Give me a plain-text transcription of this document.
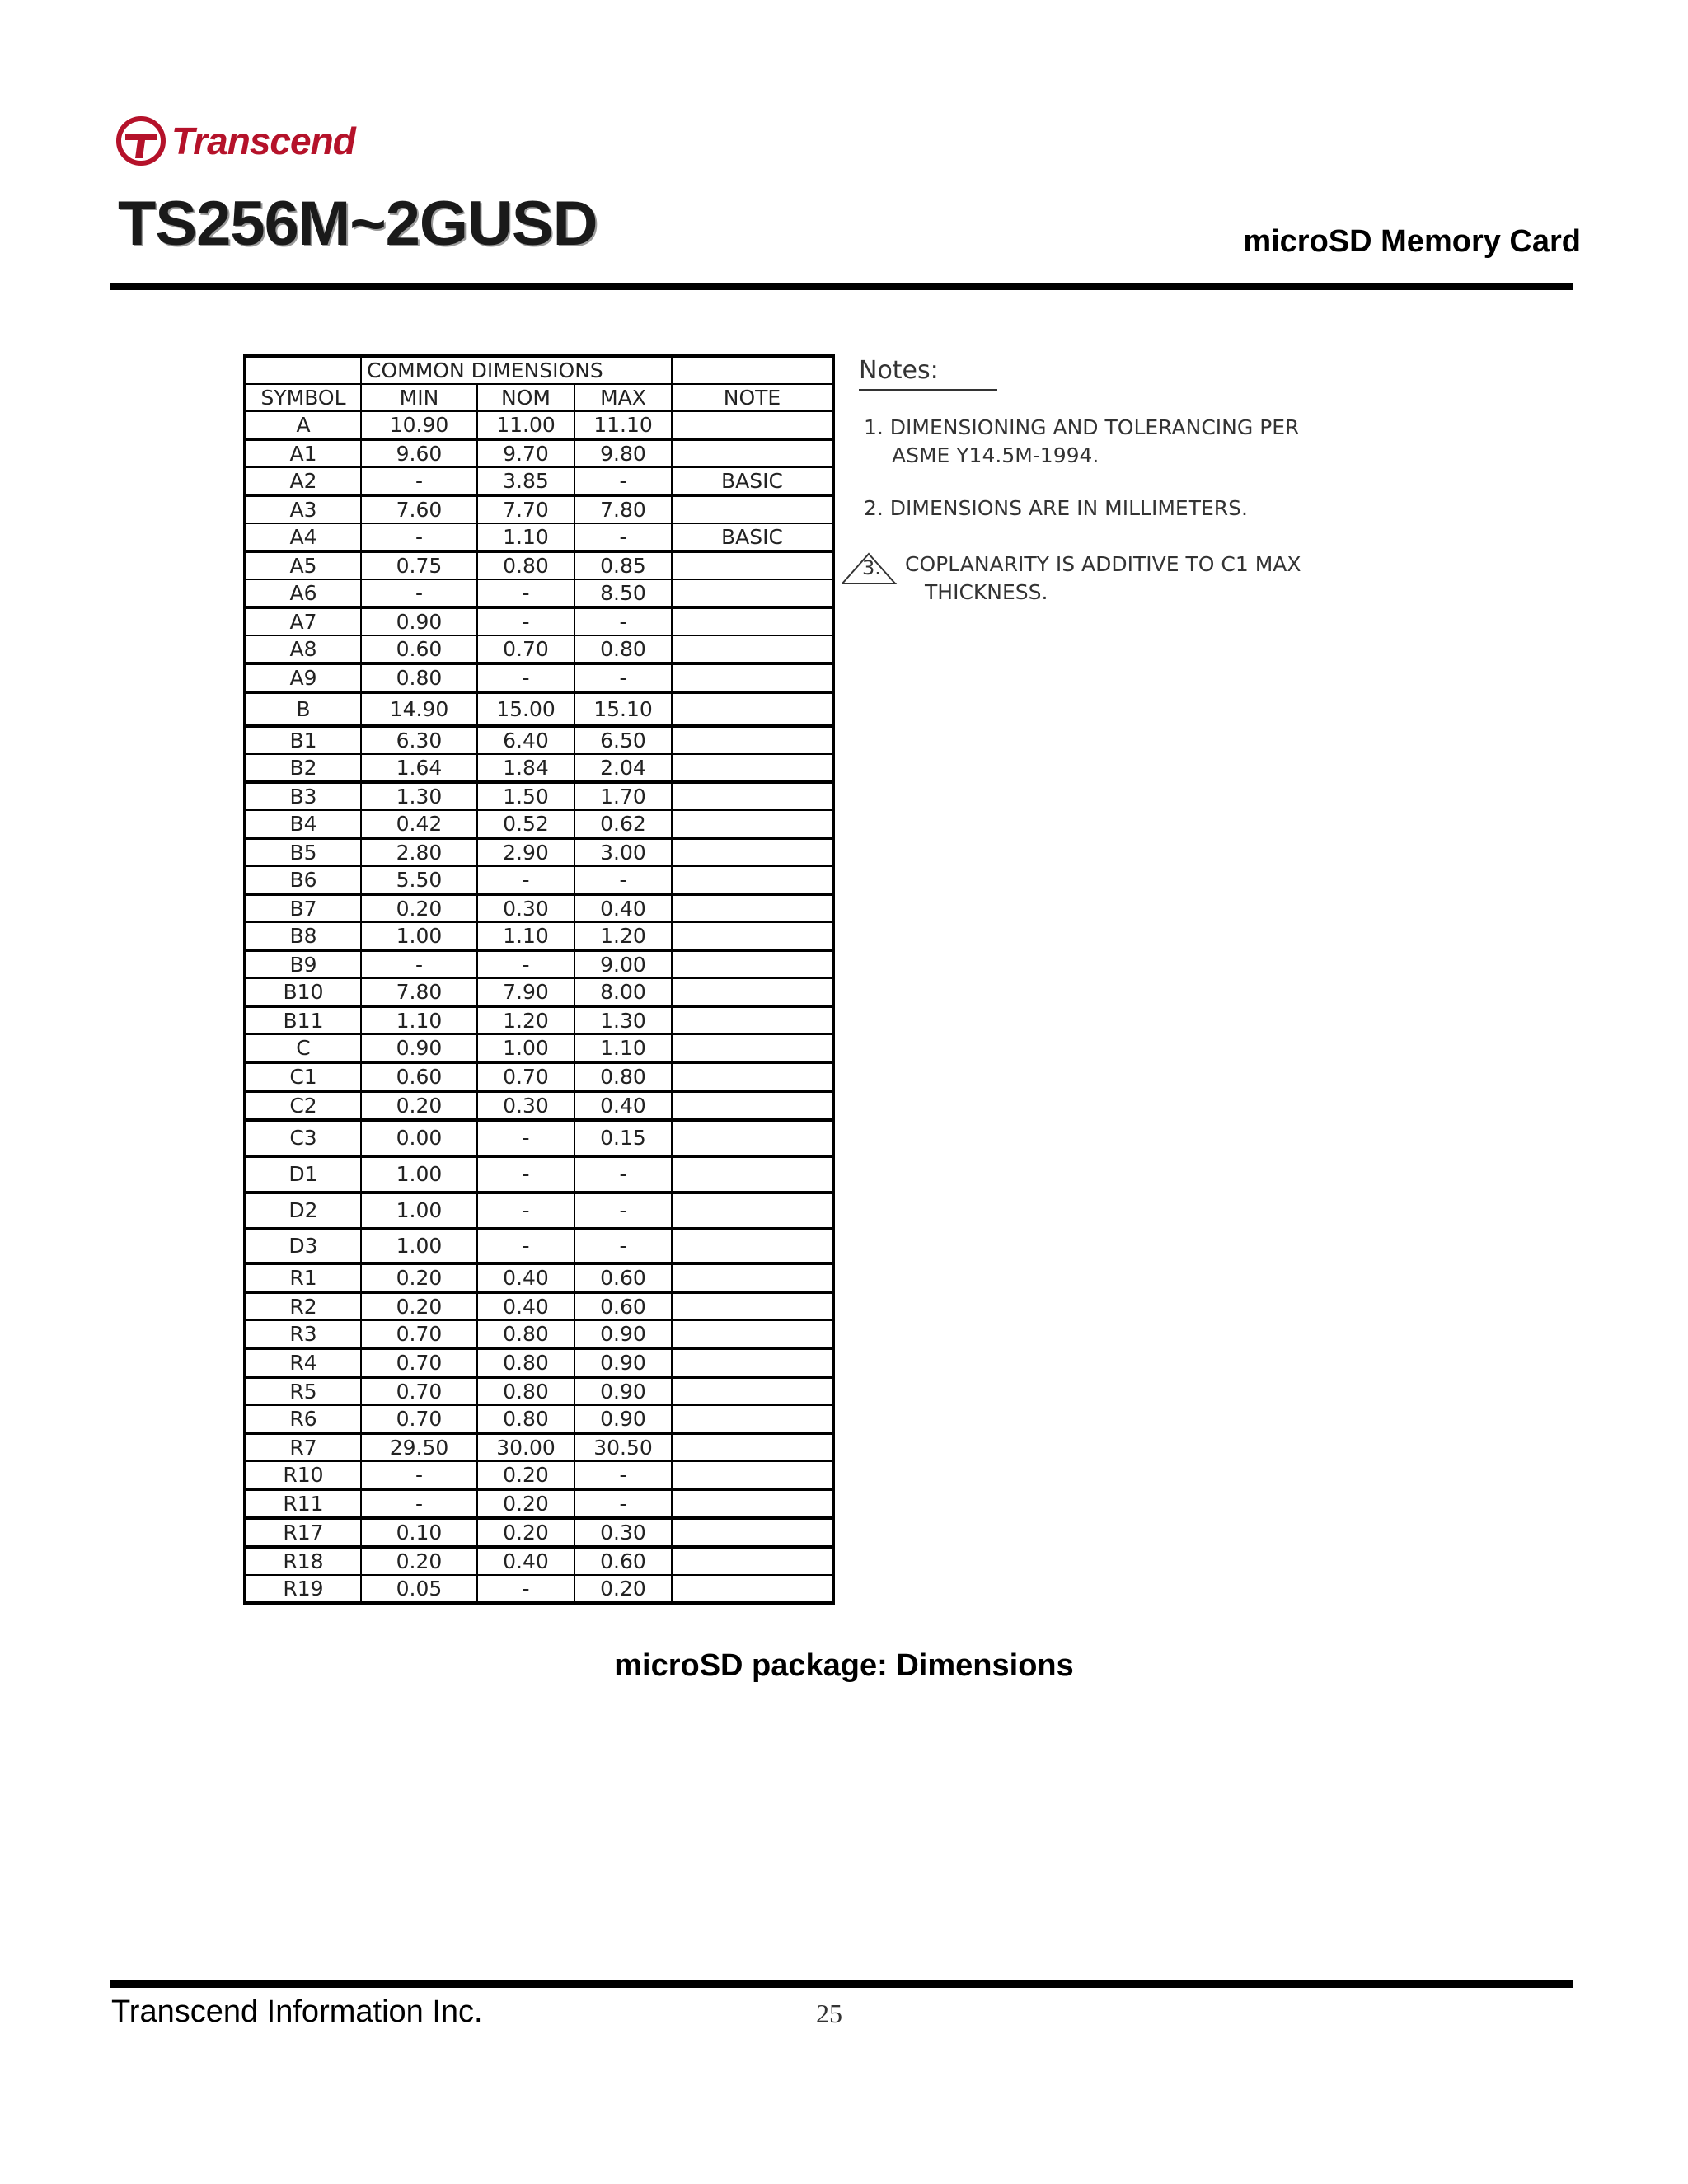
Transcend
TS256M~2GUSD	microSD Memory Card
	COMMON DIMENSIONS			
SYMBOL	MIN	NOM	MAX	NOTE
A	10.90	11.00	11.10	
A1	9.60	9.70	9.80	
A2	-	3.85	-	BASIC
A3	7.60	7.70	7.80	
A4	-	1.10	-	BASIC
A5	0.75	0.80	0.85	
A6	-	-	8.50	
A7	0.90	-	-	
A8	0.60	0.70	0.80	
A9	0.80	-	-	
B	14.90	15.00	15.10	
B1	6.30	6.40	6.50	
B2	1.64	1.84	2.04	
B3	1.30	1.50	1.70	
B4	0.42	0.52	0.62	
B5	2.80	2.90	3.00	
B6	5.50	-	-	
B7	0.20	0.30	0.40	
B8	1.00	1.10	1.20	
B9	-	-	9.00	
B10	7.80	7.90	8.00	
B11	1.10	1.20	1.30	
C	0.90	1.00	1.10	
C1	0.60	0.70	0.80	
C2	0.20	0.30	0.40	
C3	0.00	-	0.15	
D1	1.00	-	-	
D2	1.00	-	-	
D3	1.00	-	-	
R1	0.20	0.40	0.60	
R2	0.20	0.40	0.60	
R3	0.70	0.80	0.90	
R4	0.70	0.80	0.90	
R5	0.70	0.80	0.90	
R6	0.70	0.80	0.90	
R7	29.50	30.00	30.50	
R10	-	0.20	-	
R11	-	0.20	-	
R17	0.10	0.20	0.30	
R18	0.20	0.40	0.60	
R19	0.05	-	0.20	
Notes:
1. DIMENSIONING AND TOLERANCING PER
ASME Y14.5M-1994.
2. DIMENSIONS ARE IN MILLIMETERS.
3. COPLANARITY IS ADDITIVE TO C1 MAX
THICKNESS.
microSD package: Dimensions
Transcend Information Inc.	25
